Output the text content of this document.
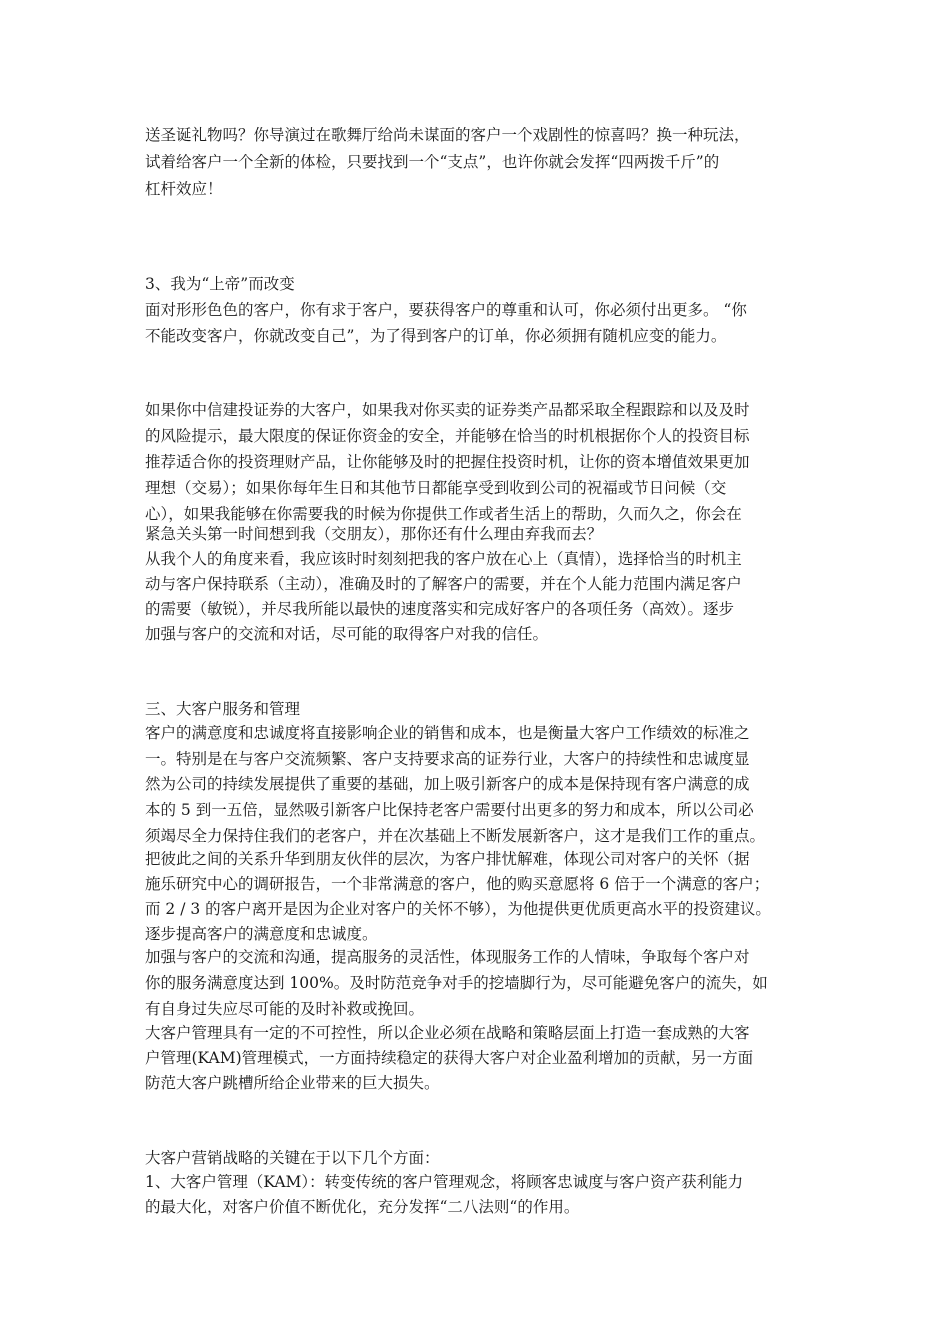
送圣诞礼物吗？你导演过在歌舞厅给尚未谋面的客户一个戏剧性的惊喜吗？换一种玩法，
试着给客户一个全新的体检，只要找到一个“支点”，也许你就会发挥“四两拨千斤”的
杠杆效应！
3、我为“上帝”而改变
面对形形色色的客户，你有求于客户，要获得客户的尊重和认可，你必须付出更多。 “你
不能改变客户，你就改变自己”，为了得到客户的订单，你必须拥有随机应变的能力。
如果你中信建投证券的大客户，如果我对你买卖的证券类产品都采取全程跟踪和以及及时
的风险提示，最大限度的保证你资金的安全，并能够在恰当的时机根据你个人的投资目标
推荐适合你的投资理财产品，让你能够及时的把握住投资时机，让你的资本增值效果更加
理想（交易）；如果你每年生日和其他节日都能享受到收到公司的祝福或节日问候（交
心），如果我能够在你需要我的时候为你提供工作或者生活上的帮助，久而久之，你会在
紧急关头第一时间想到我（交朋友），那你还有什么理由弃我而去？
从我个人的角度来看，我应该时时刻刻把我的客户放在心上（真情），选择恰当的时机主
动与客户保持联系（主动），准确及时的了解客户的需要，并在个人能力范围内满足客户
的需要（敏锐），并尽我所能以最快的速度落实和完成好客户的各项任务（高效）。逐步
加强与客户的交流和对话，尽可能的取得客户对我的信任。
三、大客户服务和管理
客户的满意度和忠诚度将直接影响企业的销售和成本，也是衡量大客户工作绩效的标准之
一。特别是在与客户交流频繁、客户支持要求高的证券行业，大客户的持续性和忠诚度显
然为公司的持续发展提供了重要的基础，加上吸引新客户的成本是保持现有客户满意的成
本的 5 到一五倍，显然吸引新客户比保持老客户需要付出更多的努力和成本，所以公司必
须竭尽全力保持住我们的老客户，并在次基础上不断发展新客户，这才是我们工作的重点。
把彼此之间的关系升华到朋友伙伴的层次，为客户排忧解难，体现公司对客户的关怀（据
施乐研究中心的调研报告，一个非常满意的客户，他的购买意愿将 6 倍于一个满意的客户；
而 2 / 3 的客户离开是因为企业对客户的关怀不够），为他提供更优质更高水平的投资建议。
逐步提高客户的满意度和忠诚度。
加强与客户的交流和沟通，提高服务的灵活性，体现服务工作的人情味，争取每个客户对
你的服务满意度达到 100%。及时防范竞争对手的挖墙脚行为，尽可能避免客户的流失，如
有自身过失应尽可能的及时补救或挽回。
大客户管理具有一定的不可控性，所以企业必须在战略和策略层面上打造一套成熟的大客
户管理(KAM)管理模式，一方面持续稳定的获得大客户对企业盈利增加的贡献，另一方面
防范大客户跳槽所给企业带来的巨大损失。
大客户营销战略的关键在于以下几个方面：
1、大客户管理（KAM）：转变传统的客户管理观念，将顾客忠诚度与客户资产获利能力
的最大化，对客户价值不断优化，充分发挥“二八法则“的作用。
